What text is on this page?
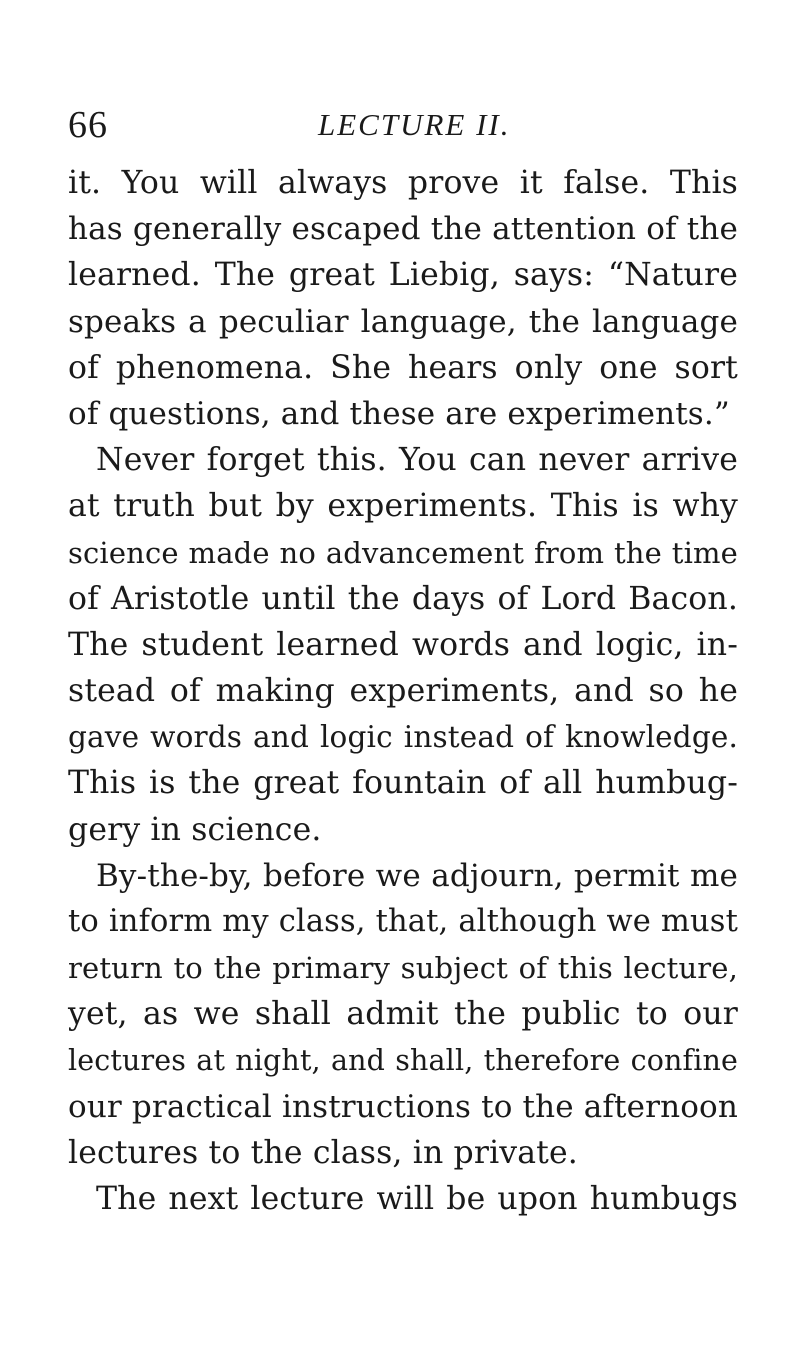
66	LECTURE II.
it. You will always prove it false. This
has generally escaped the attention of the
learned. The great Liebig, says: “Nature
speaks a peculiar language, the language
of phenomena. She hears only one sort
of questions, and these are experiments.”
Never forget this. You can never arrive
at truth but by experiments. This is why
science made no advancement from the time
of Aristotle until the days of Lord Bacon.
The student learned words and logic, in-
stead of making experiments, and so he
gave words and logic instead of knowledge.
This is the great fountain of all humbug-
gery in science.
By-the-by, before we adjourn, permit me
to inform my class, that, although we must
return to the primary subject of this lecture,
yet, as we shall admit the public to our
lectures at night, and shall, therefore confine
our practical instructions to the afternoon
lectures to the class, in private.
The next lecture will be upon humbugs
